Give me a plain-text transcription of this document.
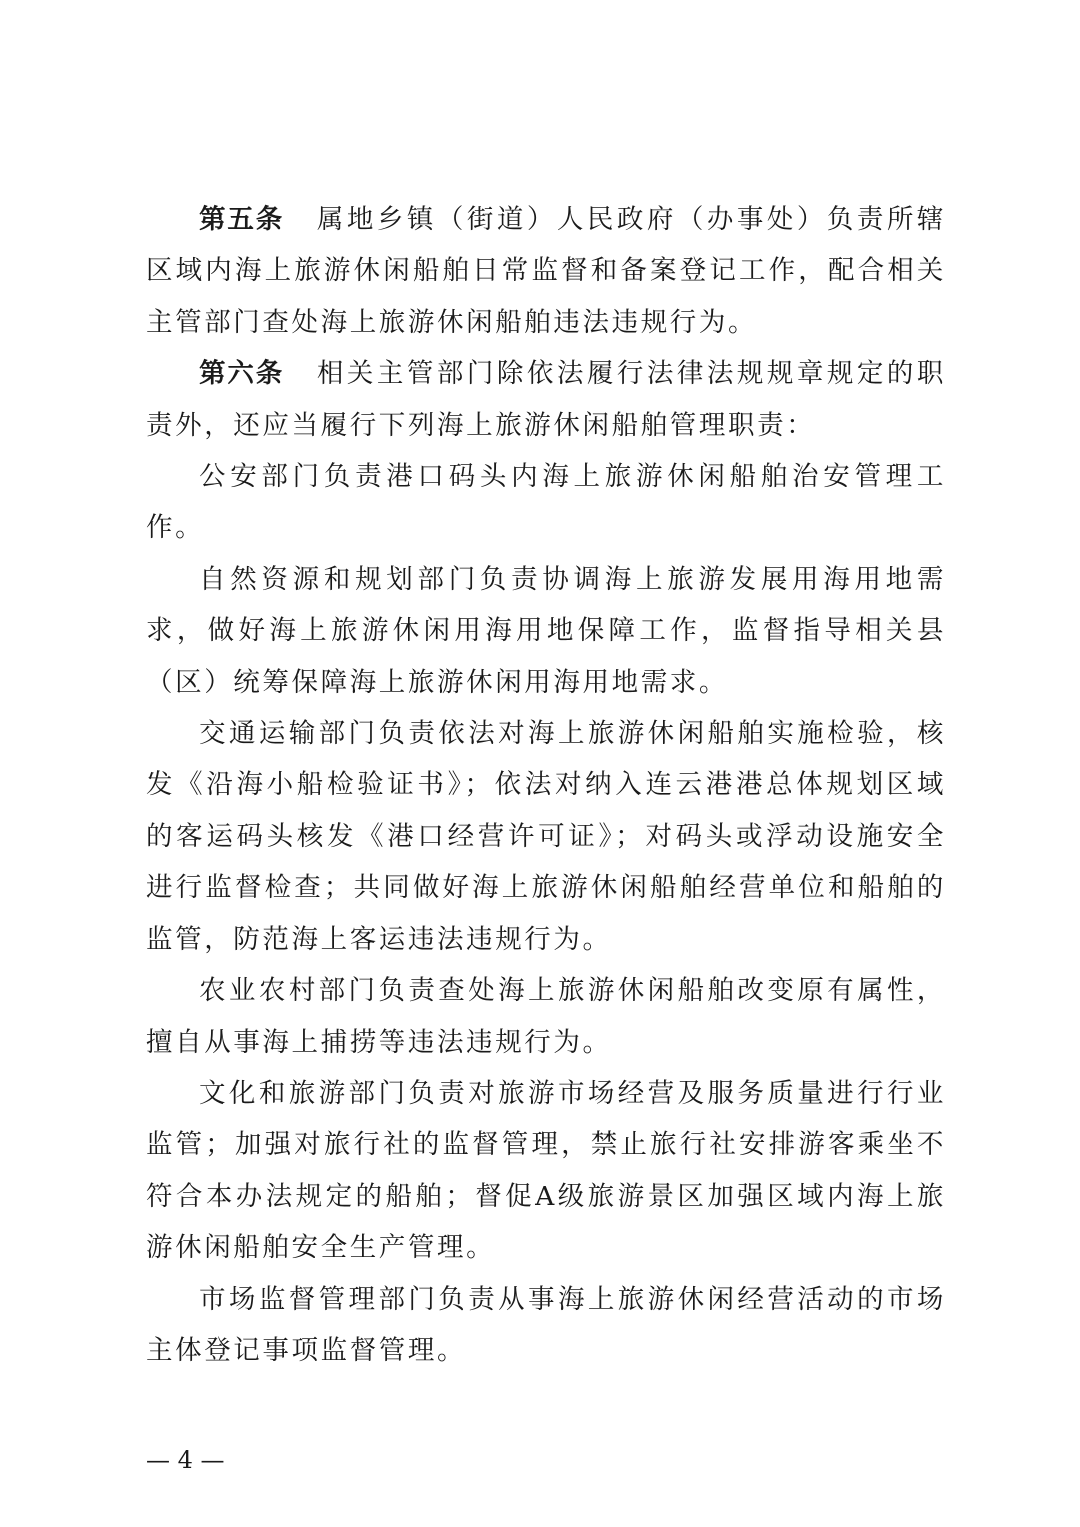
第五条 属地乡镇（街道）人民政府（办事处）负责所辖区域内海上旅游休闲船舶日常监督和备案登记工作，配合相关主管部门查处海上旅游休闲船舶违法违规行为。

第六条 相关主管部门除依法履行法律法规规章规定的职责外，还应当履行下列海上旅游休闲船舶管理职责：

公安部门负责港口码头内海上旅游休闲船舶治安管理工作。

自然资源和规划部门负责协调海上旅游发展用海用地需求，做好海上旅游休闲用海用地保障工作，监督指导相关县（区）统筹保障海上旅游休闲用海用地需求。

交通运输部门负责依法对海上旅游休闲船舶实施检验，核发《沿海小船检验证书》；依法对纳入连云港港总体规划区域的客运码头核发《港口经营许可证》；对码头或浮动设施安全进行监督检查；共同做好海上旅游休闲船舶经营单位和船舶的监管，防范海上客运违法违规行为。

农业农村部门负责查处海上旅游休闲船舶改变原有属性，擅自从事海上捕捞等违法违规行为。

文化和旅游部门负责对旅游市场经营及服务质量进行行业监管；加强对旅行社的监督管理，禁止旅行社安排游客乘坐不符合本办法规定的船舶；督促A级旅游景区加强区域内海上旅游休闲船舶安全生产管理。

市场监督管理部门负责从事海上旅游休闲经营活动的市场主体登记事项监督管理。

— 4 —
